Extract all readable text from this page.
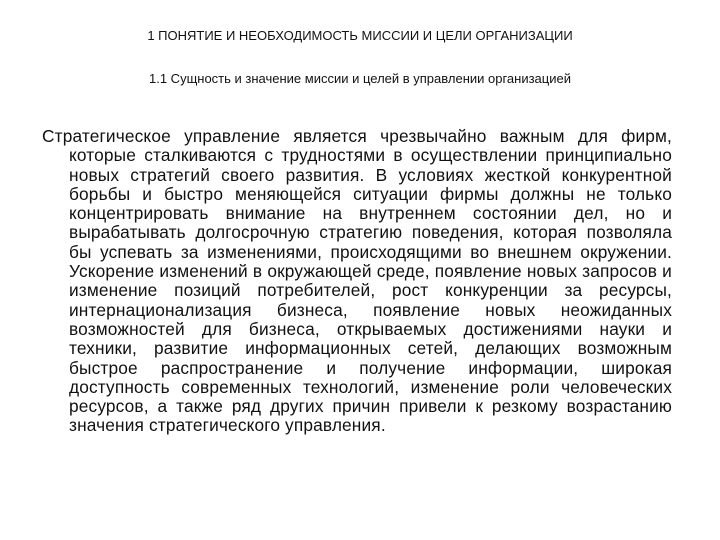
1 ПОНЯТИЕ И НЕОБХОДИМОСТЬ МИССИИ И ЦЕЛИ ОРГАНИЗАЦИИ
1.1 Сущность и значение миссии и целей в управлении организацией

Стратегическое управление является чрезвычайно важным для фирм, которые сталкиваются с трудностями в осуществлении принципиально новых стратегий своего развития. В условиях жесткой конкурентной борьбы и быстро меняющейся ситуации фирмы должны не только концентрировать внимание на внутреннем состоянии дел, но и вырабатывать долгосрочную стратегию поведения, которая позволяла бы успевать за изменениями, происходящими во внешнем окружении. Ускорение изменений в окружающей среде, появление новых запросов и изменение позиций потребителей, рост конкуренции за ресурсы, интернационализация бизнеса, появление новых неожиданных возможностей для бизнеса, открываемых достижениями науки и техники, развитие информационных сетей, делающих возможным быстрое распространение и получение информации, широкая доступность современных технологий, изменение роли человеческих ресурсов, а также ряд других причин привели к резкому возрастанию значения стратегического управления.
